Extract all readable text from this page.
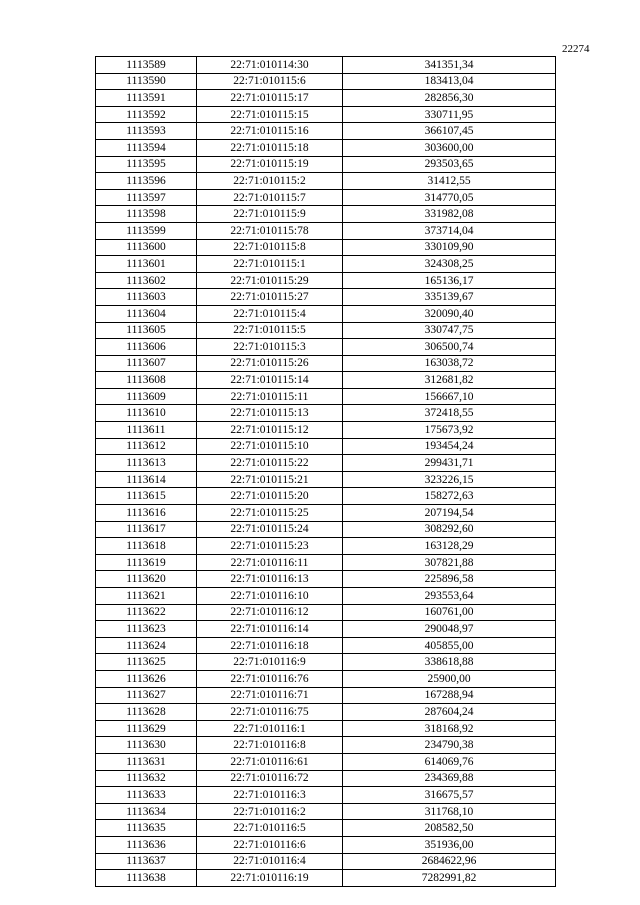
22274
1113589	22:71:010114:30	341351,34
1113590	22:71:010115:6	183413,04
1113591	22:71:010115:17	282856,30
1113592	22:71:010115:15	330711,95
1113593	22:71:010115:16	366107,45
1113594	22:71:010115:18	303600,00
1113595	22:71:010115:19	293503,65
1113596	22:71:010115:2	31412,55
1113597	22:71:010115:7	314770,05
1113598	22:71:010115:9	331982,08
1113599	22:71:010115:78	373714,04
1113600	22:71:010115:8	330109,90
1113601	22:71:010115:1	324308,25
1113602	22:71:010115:29	165136,17
1113603	22:71:010115:27	335139,67
1113604	22:71:010115:4	320090,40
1113605	22:71:010115:5	330747,75
1113606	22:71:010115:3	306500,74
1113607	22:71:010115:26	163038,72
1113608	22:71:010115:14	312681,82
1113609	22:71:010115:11	156667,10
1113610	22:71:010115:13	372418,55
1113611	22:71:010115:12	175673,92
1113612	22:71:010115:10	193454,24
1113613	22:71:010115:22	299431,71
1113614	22:71:010115:21	323226,15
1113615	22:71:010115:20	158272,63
1113616	22:71:010115:25	207194,54
1113617	22:71:010115:24	308292,60
1113618	22:71:010115:23	163128,29
1113619	22:71:010116:11	307821,88
1113620	22:71:010116:13	225896,58
1113621	22:71:010116:10	293553,64
1113622	22:71:010116:12	160761,00
1113623	22:71:010116:14	290048,97
1113624	22:71:010116:18	405855,00
1113625	22:71:010116:9	338618,88
1113626	22:71:010116:76	25900,00
1113627	22:71:010116:71	167288,94
1113628	22:71:010116:75	287604,24
1113629	22:71:010116:1	318168,92
1113630	22:71:010116:8	234790,38
1113631	22:71:010116:61	614069,76
1113632	22:71:010116:72	234369,88
1113633	22:71:010116:3	316675,57
1113634	22:71:010116:2	311768,10
1113635	22:71:010116:5	208582,50
1113636	22:71:010116:6	351936,00
1113637	22:71:010116:4	2684622,96
1113638	22:71:010116:19	7282991,82
